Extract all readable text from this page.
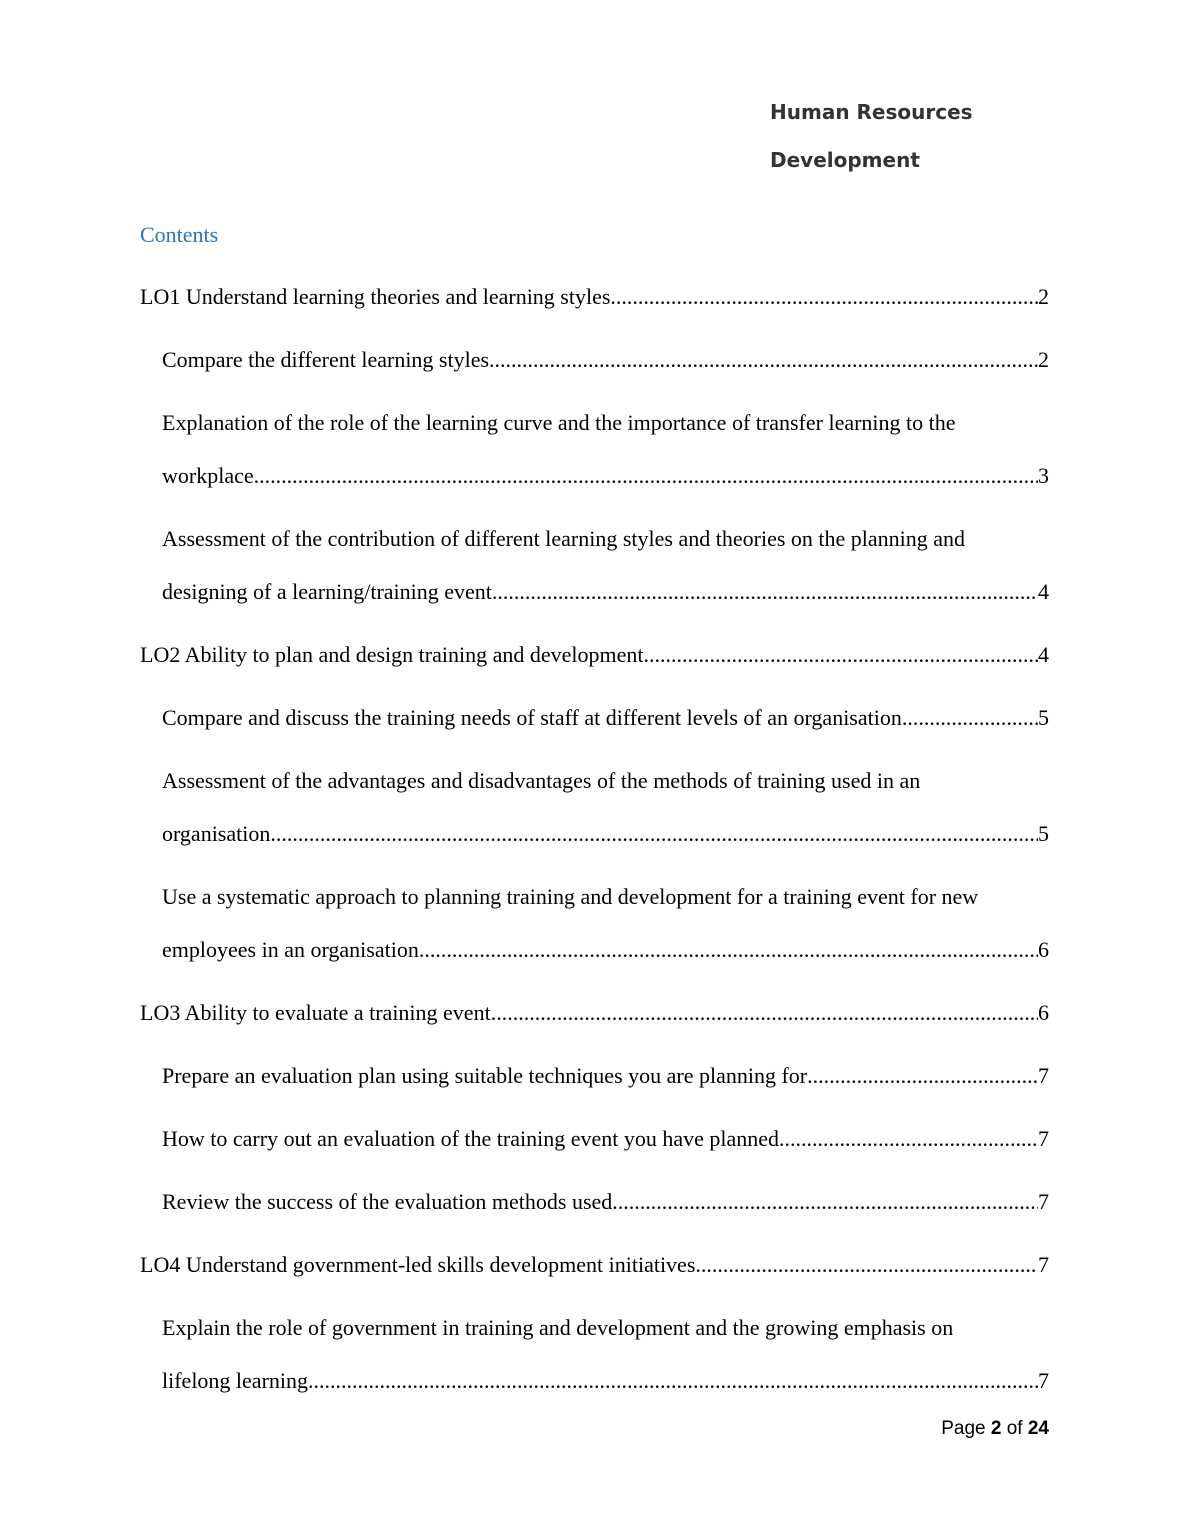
Human Resources
Development
Contents
LO1 Understand learning theories and learning styles .....	2
Compare the different learning styles .....	2
Explanation of the role of the learning curve and the importance of transfer learning to the
workplace .....	3
Assessment of the contribution of different learning styles and theories on the planning and
designing of a learning/training event .....	4
LO2 Ability to plan and design training and development .....	4
Compare and discuss the training needs of staff at different levels of an organisation .....	5
Assessment of the advantages and disadvantages of the methods of training used in an
organisation .....	5
Use a systematic approach to planning training and development for a training event for new
employees in an organisation .....	6
LO3 Ability to evaluate a training event .....	6
Prepare an evaluation plan using suitable techniques you are planning for .....	7
How to carry out an evaluation of the training event you have planned .....	7
Review the success of the evaluation methods used .....	7
LO4 Understand government-led skills development initiatives .....	7
Explain the role of government in training and development and the growing emphasis on
lifelong learning .....	7
Page 2 of 24
